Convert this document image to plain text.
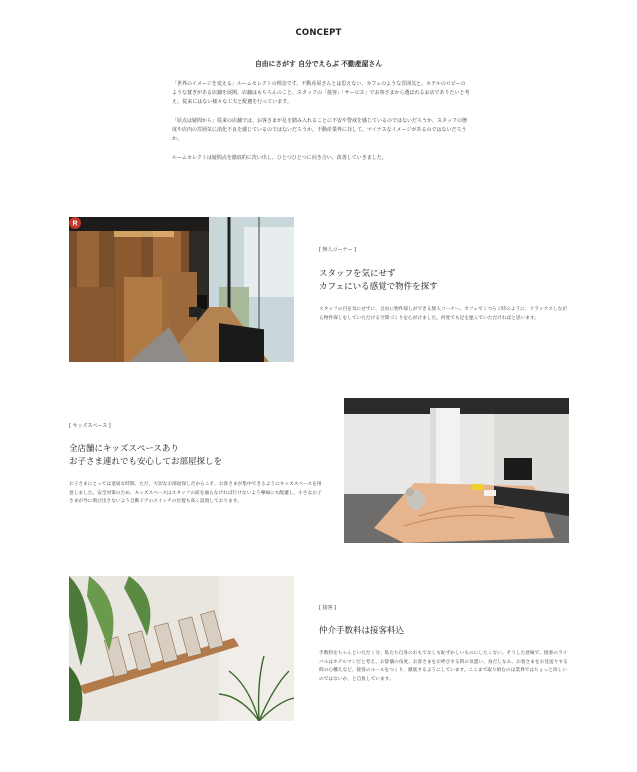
CONCEPT
自由にさがす 自分でえらぶ 不動産屋さん

「世界のイメージを変える」ルームセレクトの理念です。不動産屋さんとは思えない、カフェのような雰囲気と、ホテルのロビーのような寛ぎがある店舗を展開。店舗はもちろんのこと、スタッフの「接客」「サービス」でお客さまから選ばれるお店でありたいと考え、従来にはない様々な工夫と配慮を行っています。

「原点は疑問から」従来の店舗では、お客さまが足を踏み入れることに不安や警戒を感じているのではないだろうか、スタッフの態度や店内の雰囲気に消化不良を感じているのではないだろうか。不動産業界に対して、マイナスなイメージがあるのではないだろうか。

ルームセレクトは疑問点を徹底的に洗い出し、ひとつひとつに向き合い、改善していきました。

R
[ 無人コーナー ]
スタッフを気にせず
カフェにいる感覚で物件を探す
スタッフの目を気にせずに、自由に物件探しができる無人コーナー。カフェでくつろぐ時のように、リラックスしながら物件探しをしていただける空間づくりを心がけました。何度でも足を運んでいただければと思います。
[ キッズスペース ]
全店舗にキッズスペースあり
お子さま連れでも安心してお部屋探しを
お子さまにとっては退屈な時間。ただ、大切なお部屋探しだからこそ、お客さまが集中できるようにキッズスペースを用意しました。安全対策のため、キッズスペースはスタッフの前を通らなければ行けないよう導線にも配慮し、小さなお子さまが外に飛び出さないよう自動ドアのスイッチの位置も高く設置しております。
[ 接客 ]
仲介手数料は接客料込
手数料をちゃんといただく分、私たち自身のおもてなしも恥ずかしいものにしたくない。そうした意味で、接客のライバルはホテルマンだと考え、お辞儀の角度、お客さまをお呼びする時の気遣い、身だしなみ、お客さまをお見送りする時の心構えなど、接客のルールをつくり、徹底するようにしています。ここまで取り組むのは業界ではちょっと珍しいのではないか、と自負しています。
